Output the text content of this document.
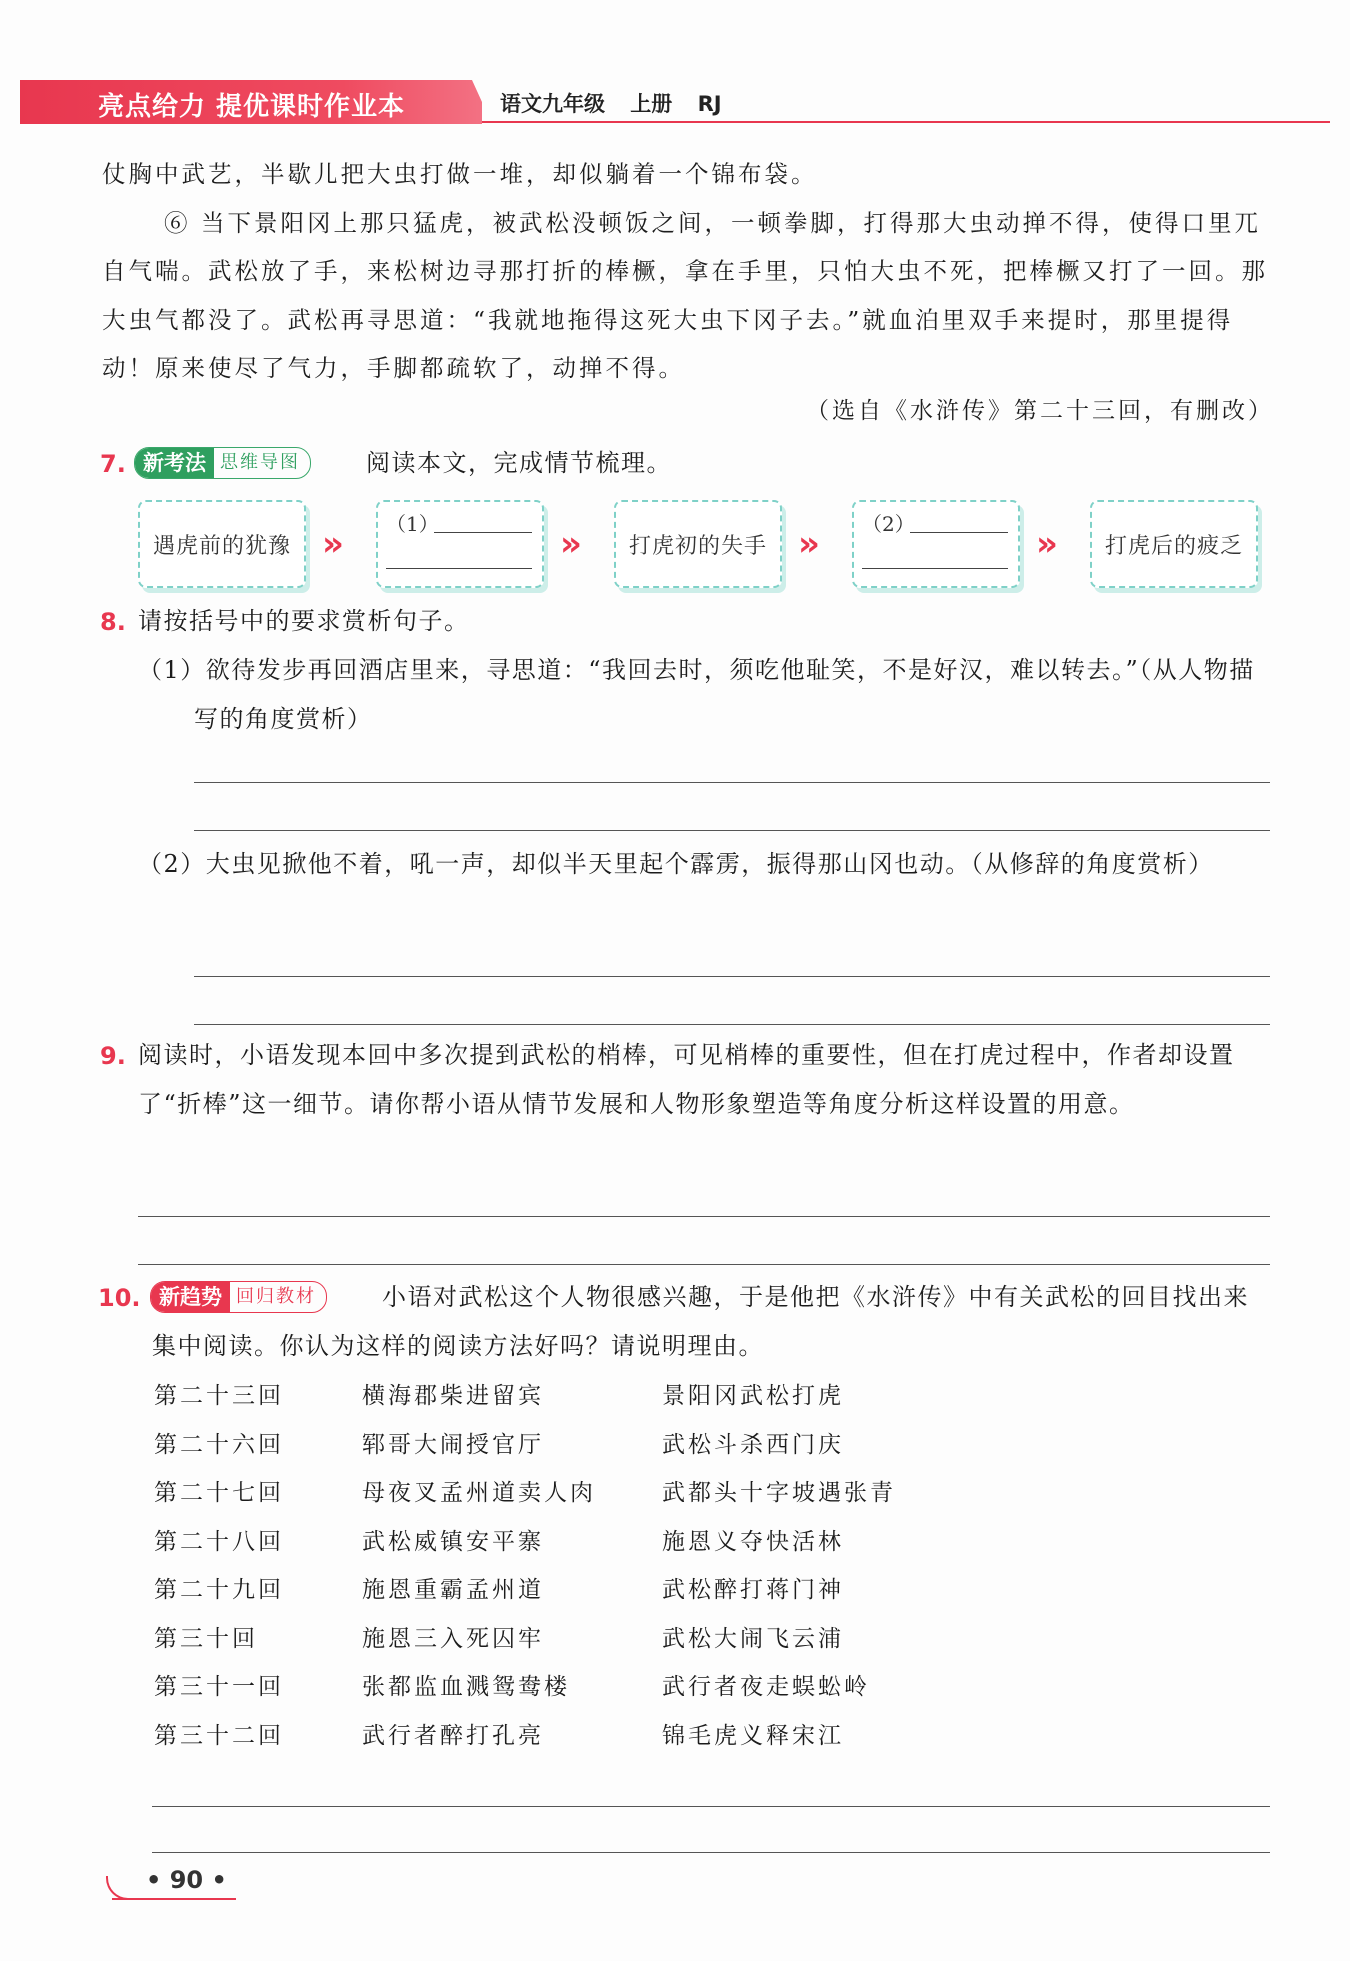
亮点给力 提优课时作业本	语文九年级 上册 RJ

仗胸中武艺，半歇儿把大虫打做一堆，却似躺着一个锦布袋。

⑥ 当下景阳冈上那只猛虎，被武松没顿饭之间，一顿拳脚，打得那大虫动掸不得，使得口里兀自气喘。武松放了手，来松树边寻那打折的棒橛，拿在手里，只怕大虫不死，把棒橛又打了一回。那大虫气都没了。武松再寻思道：“我就地拖得这死大虫下冈子去。”就血泊里双手来提时，那里提得动！原来使尽了气力，手脚都疏软了，动掸不得。

（选自《水浒传》第二十三回，有删改）
7. 新考法 思维导图	阅读本文，完成情节梳理。
遇虎前的犹豫 »	（1）	»	打虎初的失手 »	（2）	»	打虎后的疲乏
8. 请按括号中的要求赏析句子。
（1）欲待发步再回酒店里来，寻思道：“我回去时，须吃他耻笑，不是好汉，难以转去。”（从人物描写的角度赏析）
（2）大虫见掀他不着，吼一声，却似半天里起个霹雳，振得那山冈也动。（从修辞的角度赏析）
9. 阅读时，小语发现本回中多次提到武松的梢棒，可见梢棒的重要性，但在打虎过程中，作者却设置了“折棒”这一细节。请你帮小语从情节发展和人物形象塑造等角度分析这样设置的用意。
10. 新趋势 回归教材	小语对武松这个人物很感兴趣，于是他把《水浒传》中有关武松的回目找出来集中阅读。你认为这样的阅读方法好吗？请说明理由。
第二十三回	横海郡柴进留宾	景阳冈武松打虎
第二十六回	郓哥大闹授官厅	武松斗杀西门庆
第二十七回	母夜叉孟州道卖人肉	武都头十字坡遇张青
第二十八回	武松威镇安平寨	施恩义夺快活林
第二十九回	施恩重霸孟州道	武松醉打蒋门神
第三十回	施恩三入死囚牢	武松大闹飞云浦
第三十一回	张都监血溅鸳鸯楼	武行者夜走蜈蚣岭
第三十二回	武行者醉打孔亮	锦毛虎义释宋江
• 90 •
